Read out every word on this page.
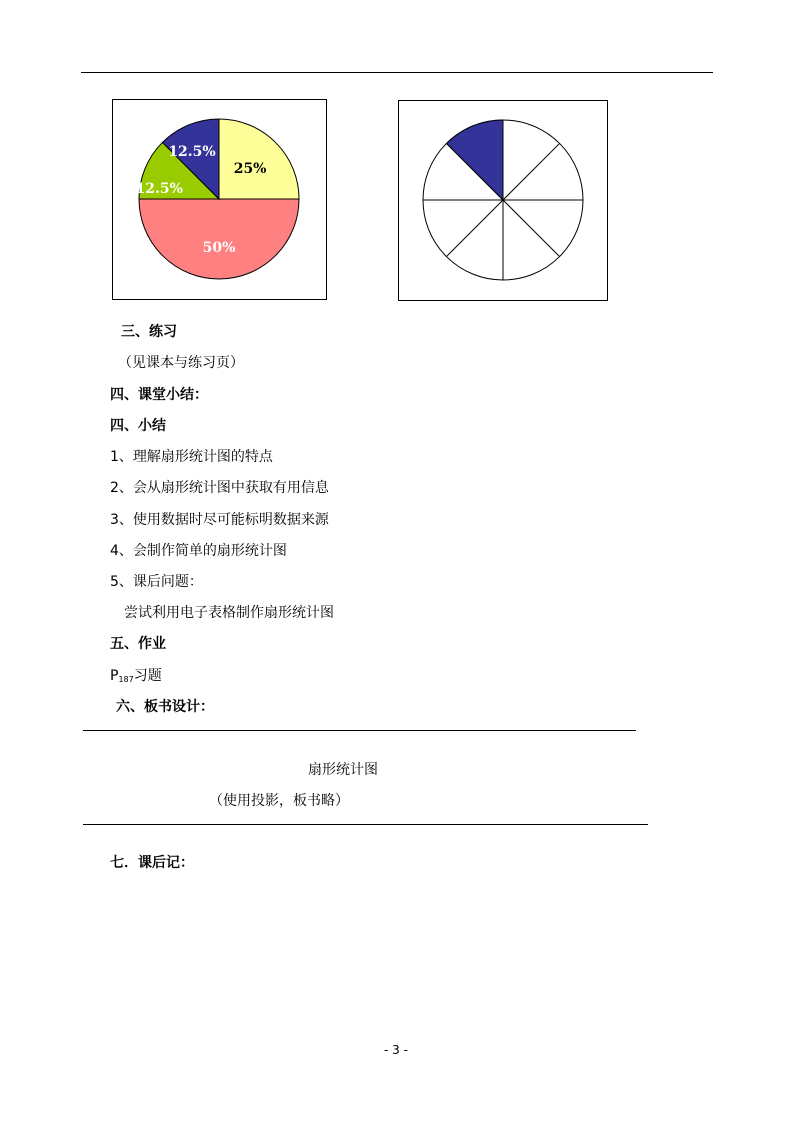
25%
50%
12.5%
12.5%
三、练习
（见课本与练习页）
四、课堂小结：
四、小结
1、理解扇形统计图的特点
2、会从扇形统计图中获取有用信息
3、使用数据时尽可能标明数据来源
4、会制作简单的扇形统计图
5、课后问题：
尝试利用电子表格制作扇形统计图
五、作业
$P_{187}$习题
六、板书设计：
扇形统计图
（使用投影，板书略）
七．课后记：
- 3 -
